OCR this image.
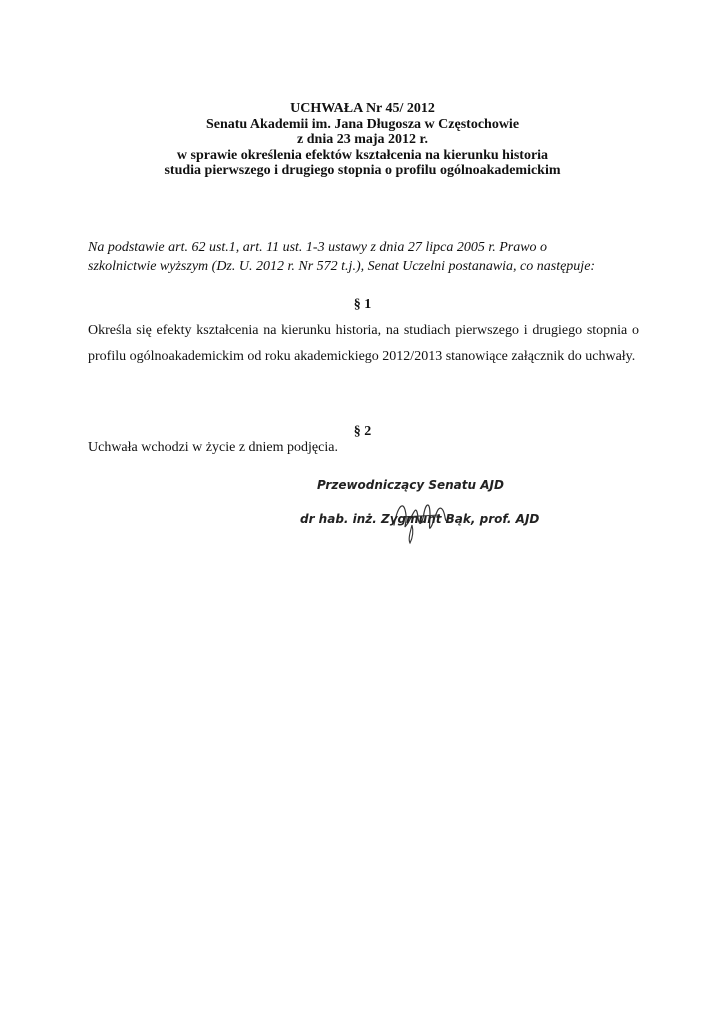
UCHWAŁA Nr 45/ 2012
Senatu Akademii im. Jana Długosza w Częstochowie
z dnia 23 maja 2012 r.
w sprawie określenia efektów kształcenia na kierunku historia
studia pierwszego i drugiego stopnia o profilu ogólnoakademickim
Na podstawie art. 62 ust.1, art. 11 ust. 1-3 ustawy z dnia 27 lipca 2005 r. Prawo o
szkolnictwie wyższym (Dz. U. 2012 r. Nr 572 t.j.), Senat Uczelni postanawia, co następuje:
§ 1
Określa się efekty kształcenia na kierunku historia, na studiach pierwszego i drugiego stopnia o profilu ogólnoakademickim od roku akademickiego 2012/2013 stanowiące załącznik do uchwały.
§ 2
Uchwała wchodzi w życie z dniem podjęcia.
Przewodniczący Senatu AJD
dr hab. inż. Zygmunt Bąk, prof. AJD
